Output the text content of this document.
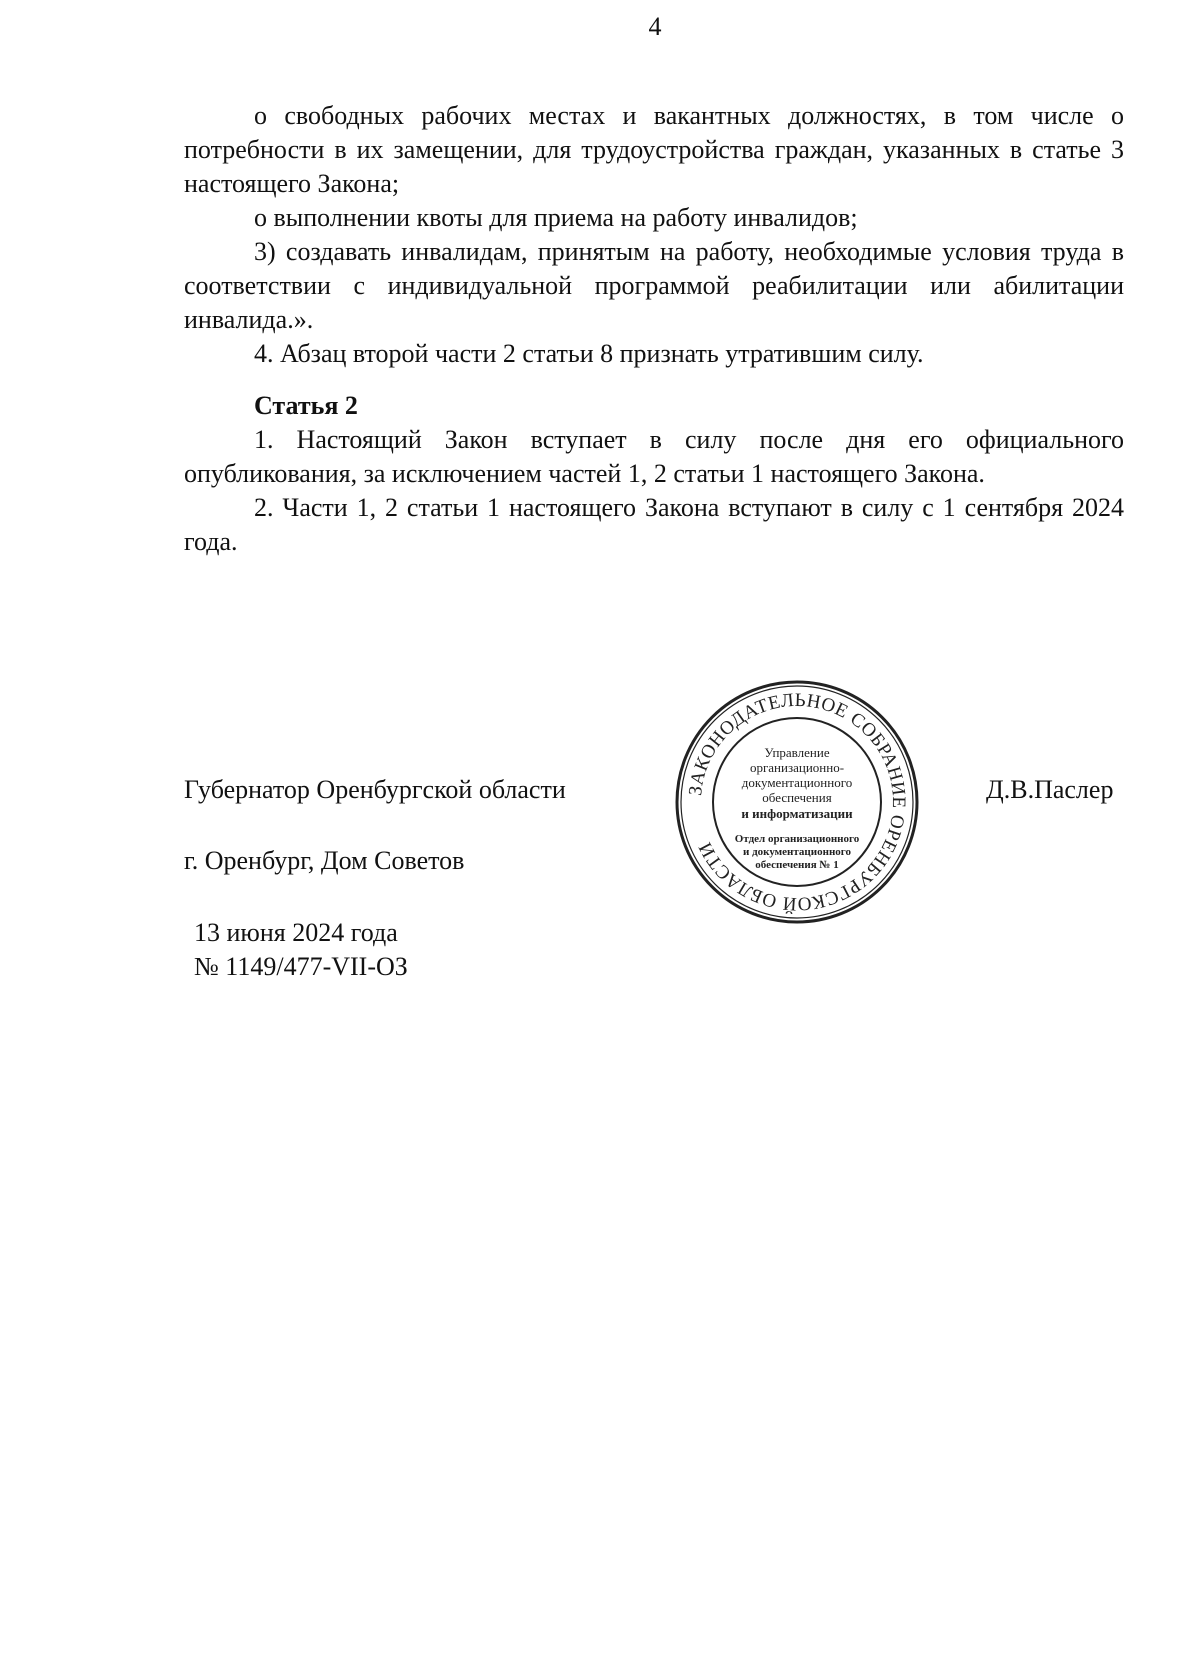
4

о свободных рабочих местах и вакантных должностях, в том числе о потребности в их замещении, для трудоустройства граждан, указанных в статье 3 настоящего Закона;

о выполнении квоты для приема на работу инвалидов;

3) создавать инвалидам, принятым на работу, необходимые условия труда в соответствии с индивидуальной программой реабилитации или абилитации инвалида.».

4. Абзац второй части 2 статьи 8 признать утратившим силу.

Статья 2

1. Настоящий Закон вступает в силу после дня его официального опубликования, за исключением частей 1, 2 статьи 1 настоящего Закона.

2. Части 1, 2 статьи 1 настоящего Закона вступают в силу с 1 сентября 2024 года.

Губернатор Оренбургской области	Д.В.Паслер
г. Оренбург, Дом Советов
13 июня 2024 года
№ 1149/477-VII-ОЗ
ЗАКОНОДАТЕЛЬНОЕ СОБРАНИЕ ОРЕНБУРГСКОЙ ОБЛАСТИ
Управление
организационно-
документационного
обеспечения
и информатизации
Отдел организационного
и документационного
обеспечения № 1
